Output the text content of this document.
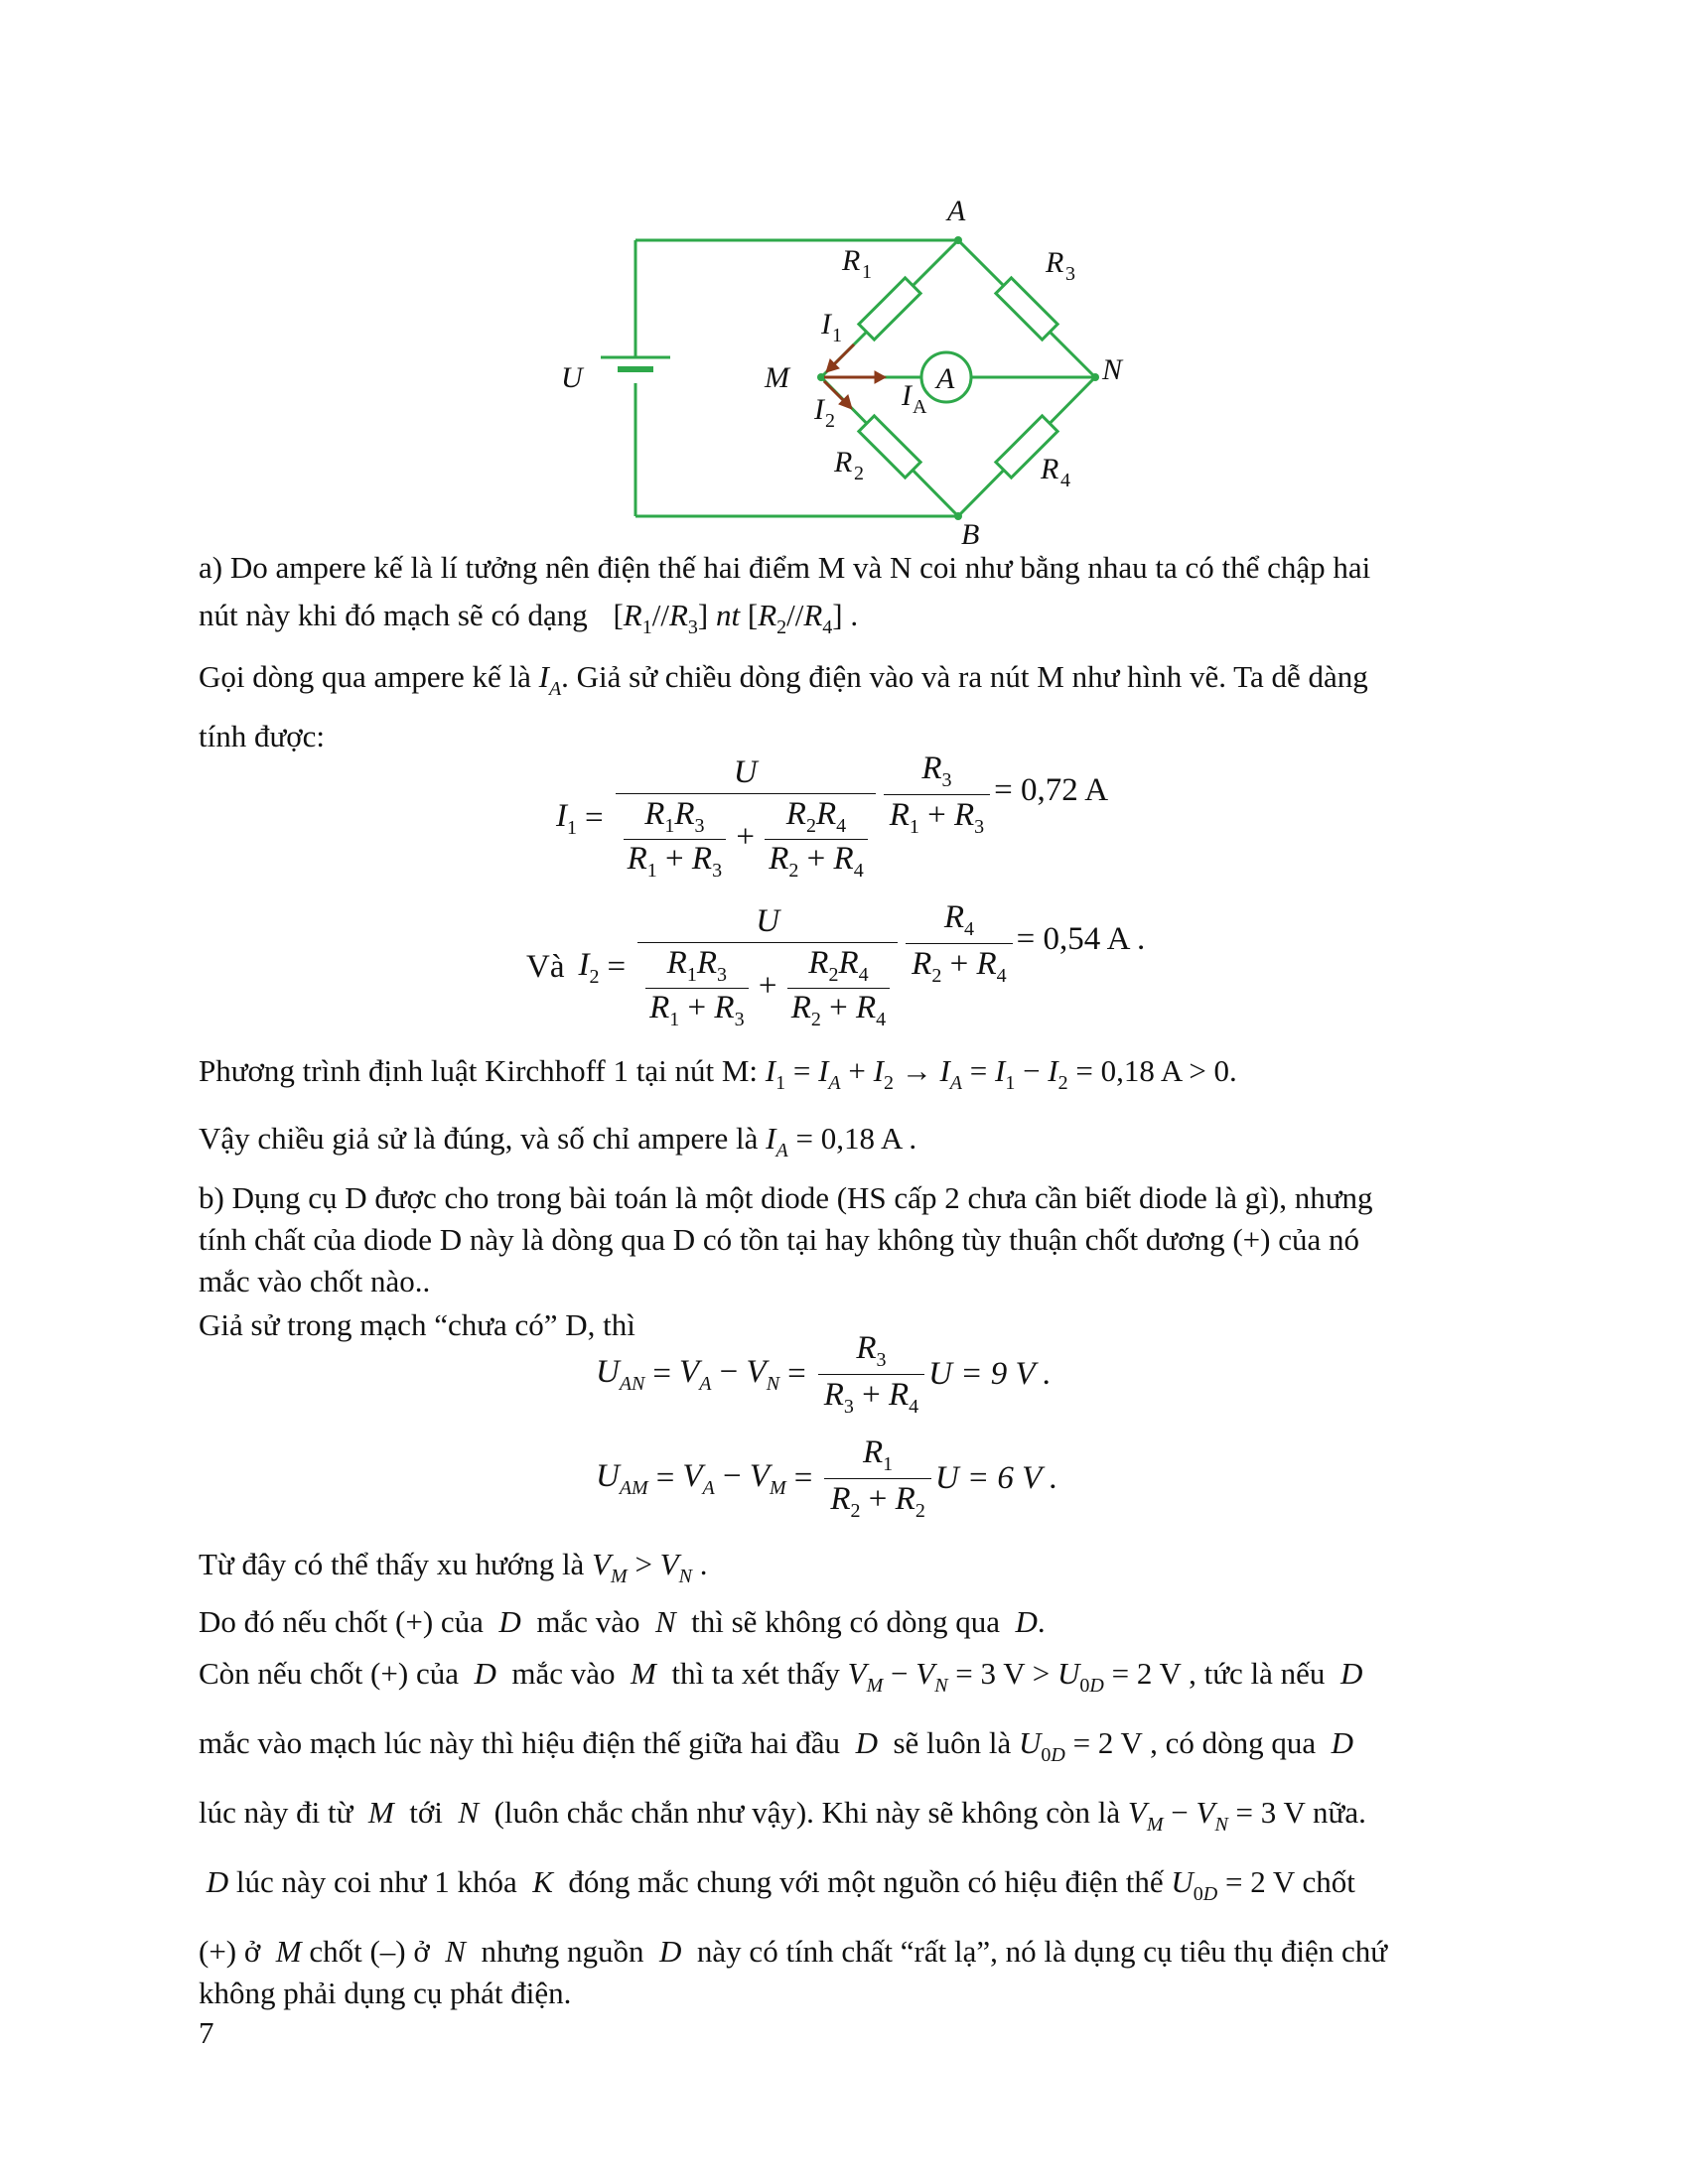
U
A
B
M	N
A
R 1	R 3
R 2	R 4
I 1
I 2
I A
a) Do ampere kế là lí tưởng nên điện thế hai điểm M và N coi như bằng nhau ta có thể chập hai
nút này khi đó mạch sẽ có dạng $[R_1//R_3]$ nt $[R_2//R_4]$ .
Gọi dòng qua ampere kế là $I_A$. Giả sử chiều dòng điện vào và ra nút M như hình vẽ. Ta dễ dàng
tính được:
$I_1 = \frac{U}{\frac{R_1R_3}{R_1 + R_3} + \frac{R_2R_4}{R_2 + R_4}} \frac{R_3}{R_1 + R_3} = 0,72$ A
Và $I_2 = \frac{U}{\frac{R_1R_3}{R_1 + R_3} + \frac{R_2R_4}{R_2 + R_4}} \frac{R_4}{R_2 + R_4} = 0,54$ A .
Phương trình định luật Kirchhoff 1 tại nút M: $I_1 = I_A + I_2 \to I_A = I_1 - I_2 = 0,18$ A > 0.
Vậy chiều giả sử là đúng, và số chỉ ampere là $I_A = 0,18$ A .
b) Dụng cụ D được cho trong bài toán là một diode (HS cấp 2 chưa cần biết diode là gì), nhưng
tính chất của diode D này là dòng qua D có tồn tại hay không tùy thuận chốt dương (+) của nó
mắc vào chốt nào..
Giả sử trong mạch “chưa có” D, thì
$U_{AN} = V_A - V_N = \frac{R_3}{R_3 + R_4}$ U = 9 V .
$U_{AM} = V_A - V_M = \frac{R_1}{R_2 + R_2}$ U = 6 V .
Từ đây có thể thấy xu hướng là $V_M > V_N$ .
Do đó nếu chốt (+) của  D  mắc vào  N  thì sẽ không có dòng qua  D.
Còn nếu chốt (+) của  D  mắc vào  M  thì ta xét thấy $V_M - V_N = 3$ $V > U_{0D} = 2$ V , tức là nếu  D
mắc vào mạch lúc này thì hiệu điện thế giữa hai đầu  D  sẽ luôn là $U_{0D} = 2$ V , có dòng qua  D
lúc này đi từ  M  tới  N  (luôn chắc chắn như vậy). Khi này sẽ không còn là $V_M - V_N = 3$ V nữa.
D lúc này coi như 1 khóa  K  đóng mắc chung với một nguồn có hiệu điện thế $U_{0D} = 2$ V chốt
(+) ở  M chốt (–) ở  N  nhưng nguồn  D  này có tính chất “rất lạ”, nó là dụng cụ tiêu thụ điện chứ
không phải dụng cụ phát điện.
7
